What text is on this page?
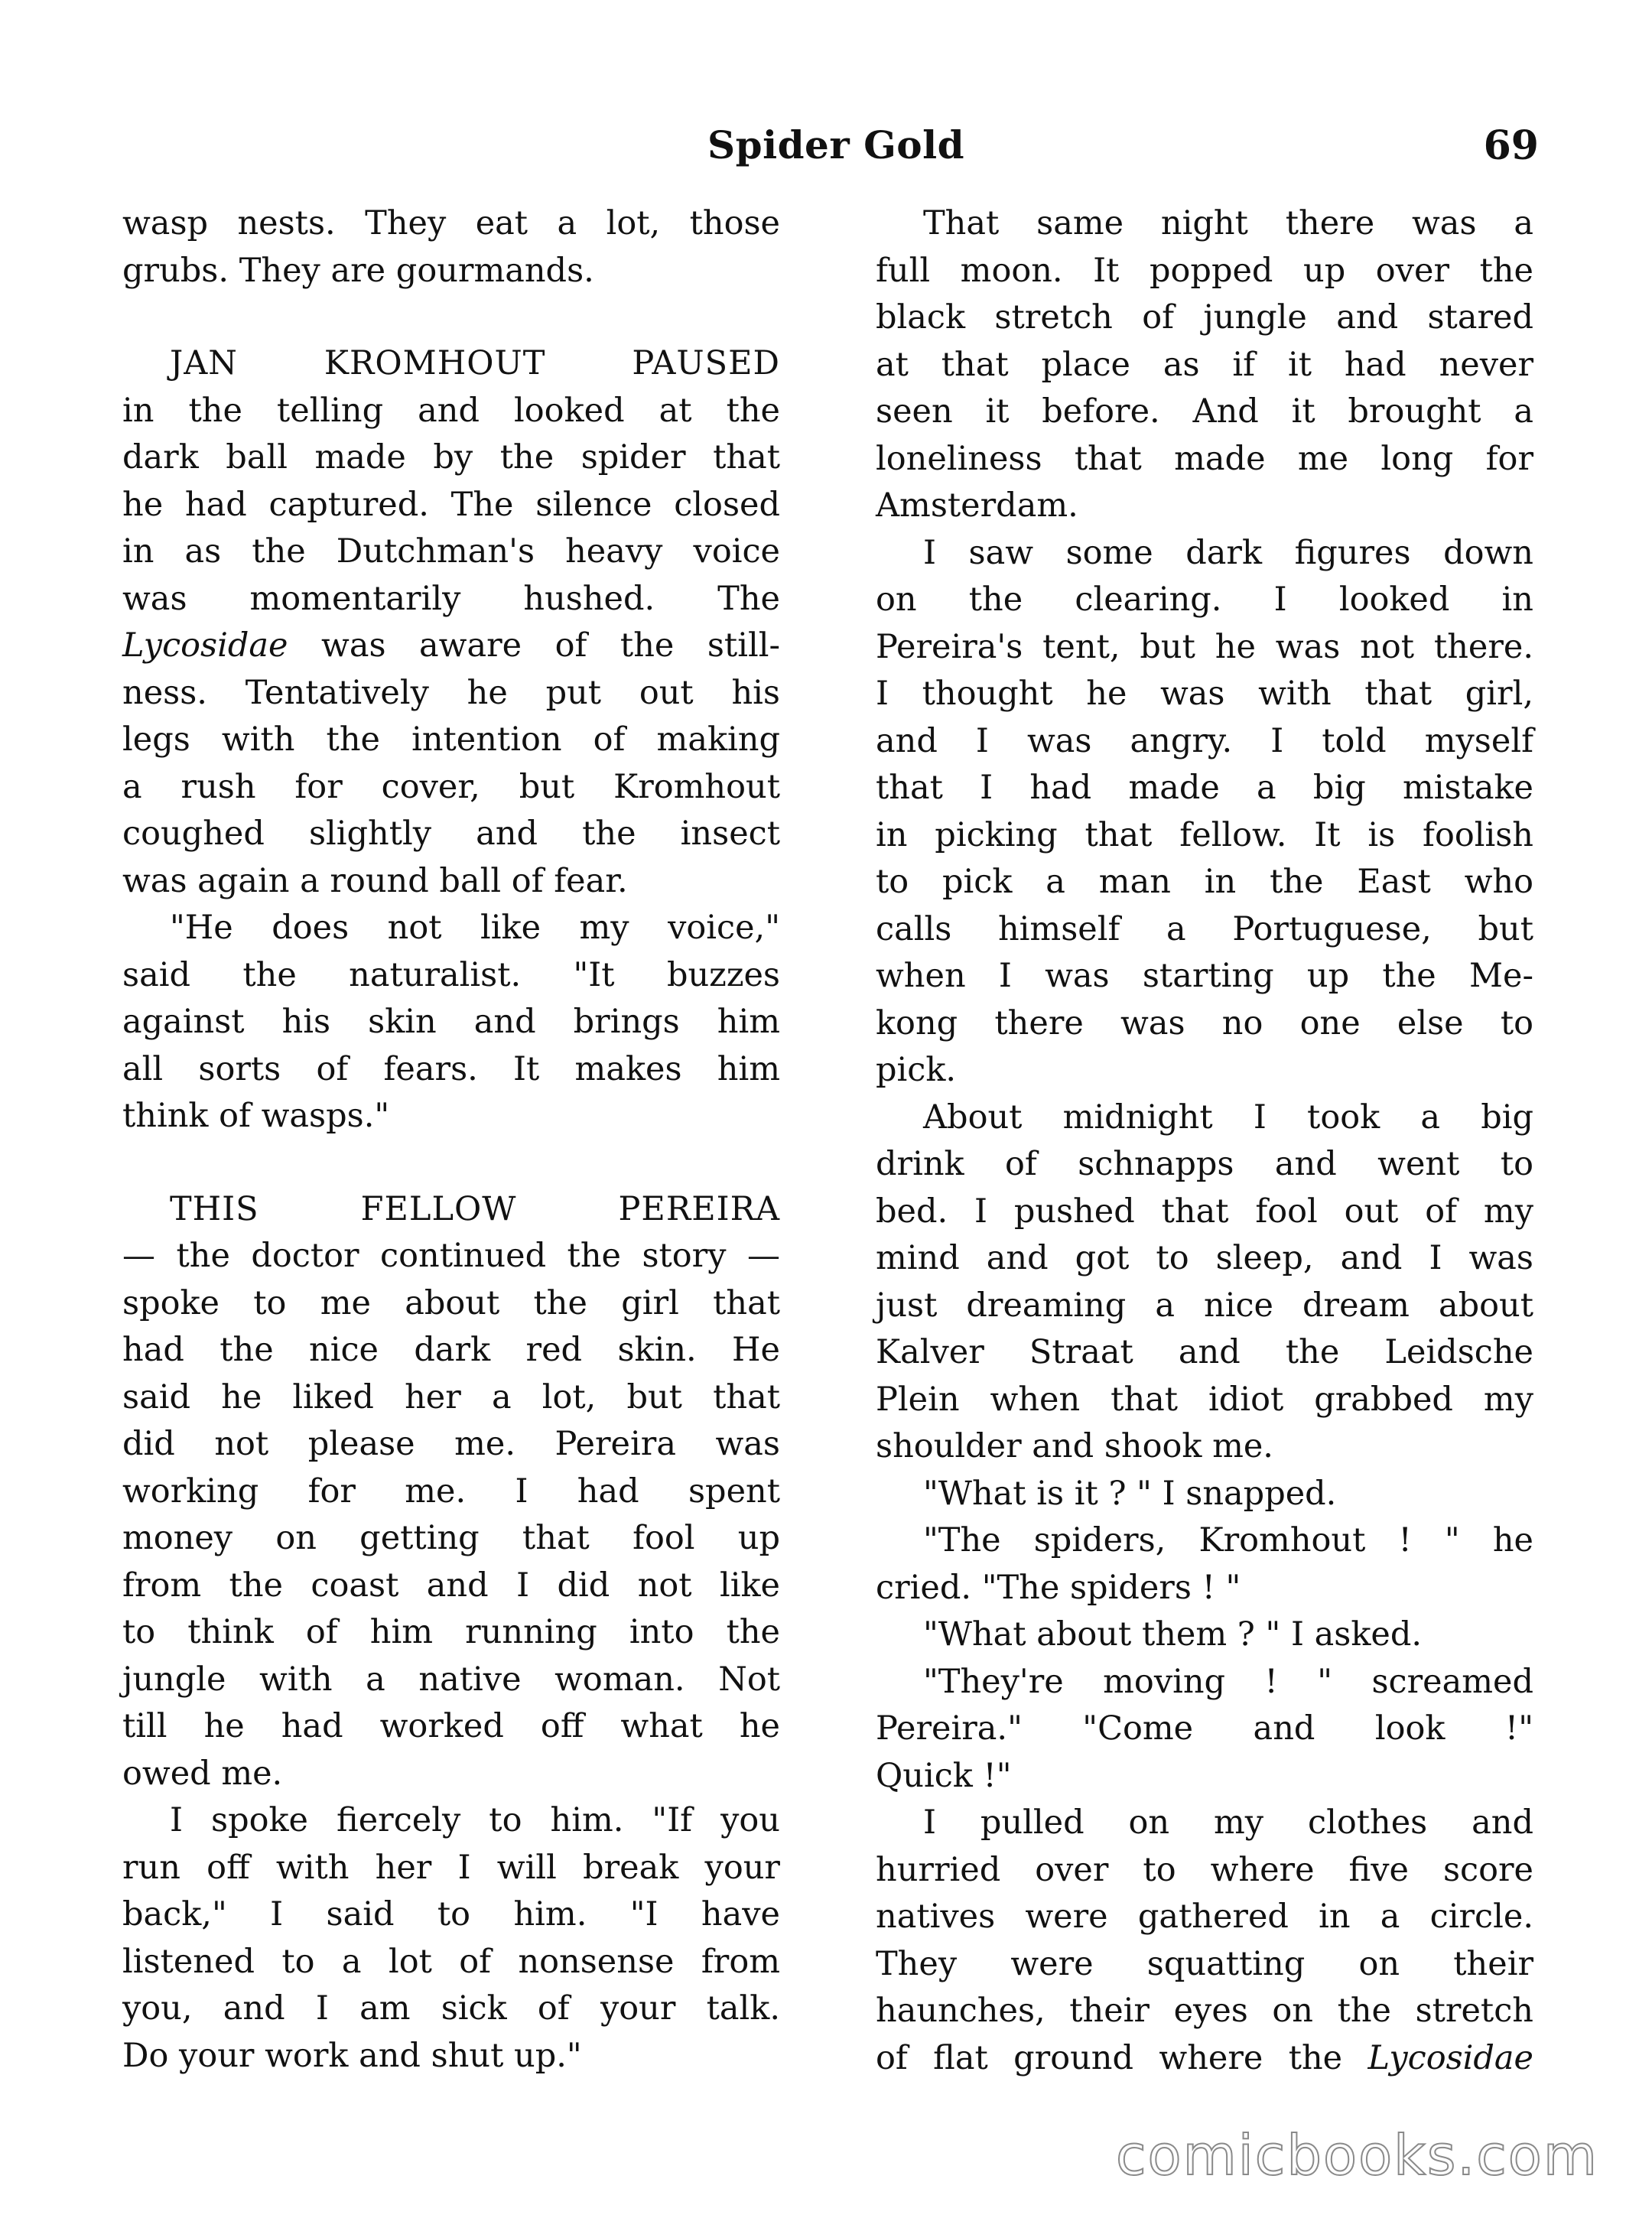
Spider Gold	69

wasp nests. They eat a lot, those
grubs. They are gourmands.

JAN KROMHOUT PAUSED
in the telling and looked at the
dark ball made by the spider that
he had captured. The silence closed
in as the Dutchman's heavy voice
was momentarily hushed. The
Lycosidae was aware of the still-
ness. Tentatively he put out his
legs with the intention of making
a rush for cover, but Kromhout
coughed slightly and the insect
was again a round ball of fear.

"He does not like my voice,"
said the naturalist. "It buzzes
against his skin and brings him
all sorts of fears. It makes him
think of wasps."

THIS FELLOW PEREIRA
— the doctor continued the story —
spoke to me about the girl that
had the nice dark red skin. He
said he liked her a lot, but that
did not please me. Pereira was
working for me. I had spent
money on getting that fool up
from the coast and I did not like
to think of him running into the
jungle with a native woman. Not
till he had worked off what he
owed me.

I spoke fiercely to him. "If you
run off with her I will break your
back," I said to him. "I have
listened to a lot of nonsense from
you, and I am sick of your talk.
Do your work and shut up."

That same night there was a
full moon. It popped up over the
black stretch of jungle and stared
at that place as if it had never
seen it before. And it brought a
loneliness that made me long for
Amsterdam.

I saw some dark figures down
on the clearing. I looked in
Pereira's tent, but he was not there.
I thought he was with that girl,
and I was angry. I told myself
that I had made a big mistake
in picking that fellow. It is foolish
to pick a man in the East who
calls himself a Portuguese, but
when I was starting up the Me-
kong there was no one else to
pick.

About midnight I took a big
drink of schnapps and went to
bed. I pushed that fool out of my
mind and got to sleep, and I was
just dreaming a nice dream about
Kalver Straat and the Leidsche
Plein when that idiot grabbed my
shoulder and shook me.

"What is it ? " I snapped.

"The spiders, Kromhout ! " he
cried. "The spiders ! "

"What about them ? " I asked.

"They're moving ! " screamed
Pereira." "Come and look !"
Quick !"

I pulled on my clothes and
hurried over to where five score
natives were gathered in a circle.
They were squatting on their
haunches, their eyes on the stretch
of flat ground where the Lycosidae

comicbooks.com
